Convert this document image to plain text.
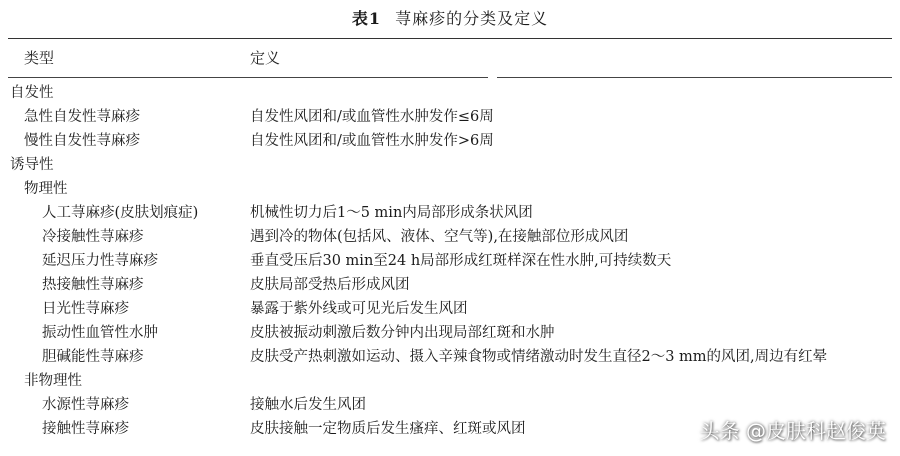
表1 荨麻疹的分类及定义
类型	定义
自发性
急性自发性荨麻疹	自发性风团和/或血管性水肿发作≤6周
慢性自发性荨麻疹	自发性风团和/或血管性水肿发作>6周
诱导性
物理性
人工荨麻疹(皮肤划痕症)	机械性切力后1～5 min内局部形成条状风团
冷接触性荨麻疹	遇到冷的物体(包括风、液体、空气等),在接触部位形成风团
延迟压力性荨麻疹	垂直受压后30 min至24 h局部形成红斑样深在性水肿,可持续数天
热接触性荨麻疹	皮肤局部受热后形成风团
日光性荨麻疹	暴露于紫外线或可见光后发生风团
振动性血管性水肿	皮肤被振动刺激后数分钟内出现局部红斑和水肿
胆碱能性荨麻疹	皮肤受产热刺激如运动、摄入辛辣食物或情绪激动时发生直径2～3 mm的风团,周边有红晕
非物理性
水源性荨麻疹	接触水后发生风团
接触性荨麻疹	皮肤接触一定物质后发生瘙痒、红斑或风团	头条 @皮肤科赵俊英
